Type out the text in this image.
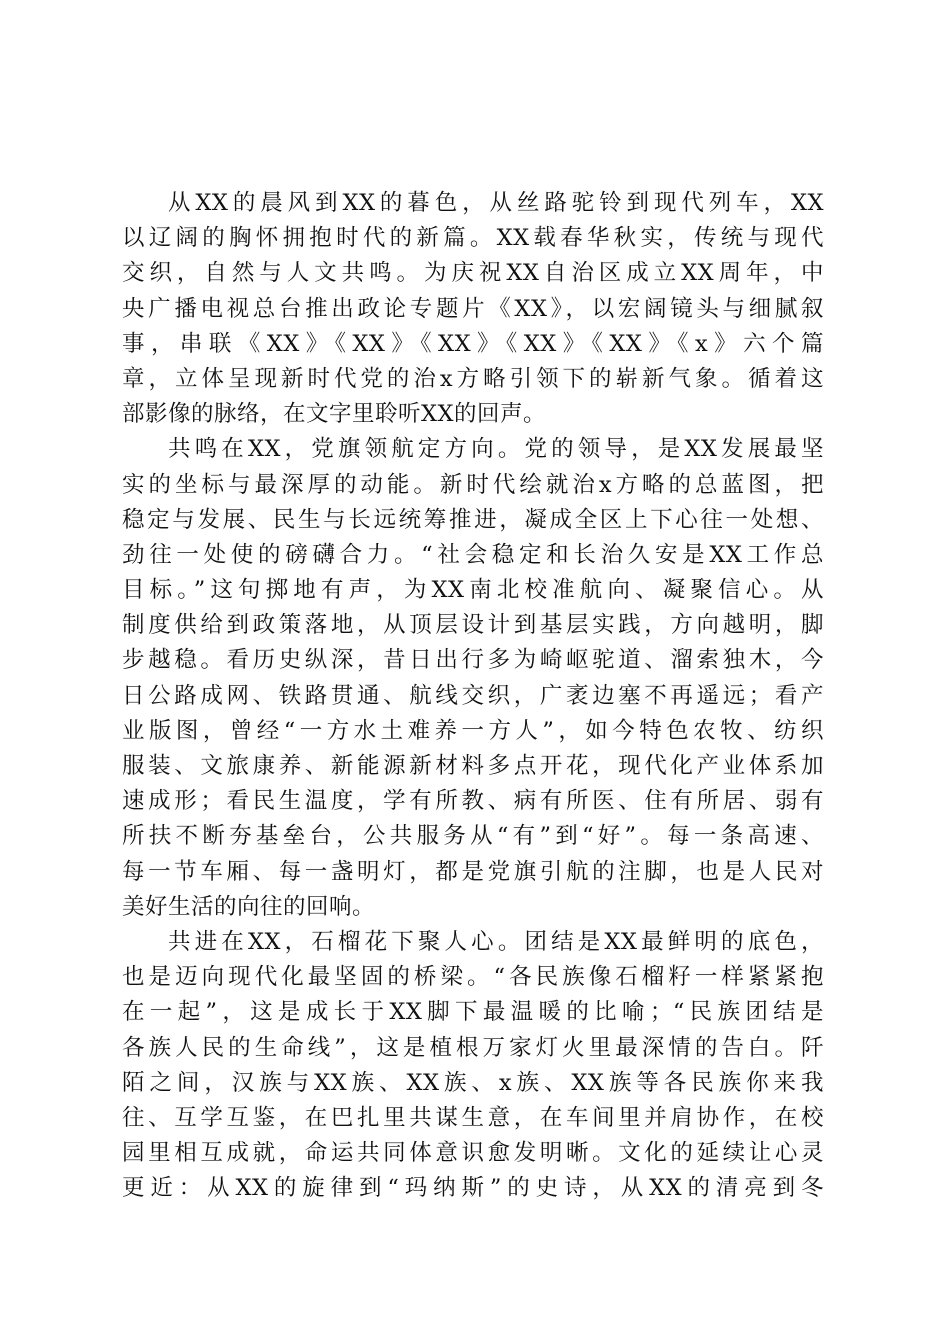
从XX的晨风到XX的暮色，从丝路驼铃到现代列车，XX
以辽阔的胸怀拥抱时代的新篇。XX载春华秋实，传统与现代
交织，自然与人文共鸣。为庆祝XX自治区成立XX周年，中
央广播电视总台推出政论专题片《XX》，以宏阔镜头与细腻叙
事，串联《XX》《XX》《XX》《XX》《XX》《x》六个篇
章，立体呈现新时代党的治x方略引领下的崭新气象。循着这
部影像的脉络，在文字里聆听XX的回声。
共鸣在XX，党旗领航定方向。党的领导，是XX发展最坚
实的坐标与最深厚的动能。新时代绘就治x方略的总蓝图，把
稳定与发展、民生与长远统筹推进，凝成全区上下心往一处想、
劲往一处使的磅礴合力。“社会稳定和长治久安是XX工作总
目标。”这句掷地有声，为XX南北校准航向、凝聚信心。从
制度供给到政策落地，从顶层设计到基层实践，方向越明，脚
步越稳。看历史纵深，昔日出行多为崎岖驼道、溜索独木，今
日公路成网、铁路贯通、航线交织，广袤边塞不再遥远；看产
业版图，曾经“一方水土难养一方人”，如今特色农牧、纺织
服装、文旅康养、新能源新材料多点开花，现代化产业体系加
速成形；看民生温度，学有所教、病有所医、住有所居、弱有
所扶不断夯基垒台，公共服务从“有”到“好”。每一条高速、
每一节车厢、每一盏明灯，都是党旗引航的注脚，也是人民对
美好生活的向往的回响。
共进在XX，石榴花下聚人心。团结是XX最鲜明的底色，
也是迈向现代化最坚固的桥梁。“各民族像石榴籽一样紧紧抱
在一起”，这是成长于XX脚下最温暖的比喻；“民族团结是
各族人民的生命线”，这是植根万家灯火里最深情的告白。阡
陌之间，汉族与XX族、XX族、x族、XX族等各民族你来我
往、互学互鉴，在巴扎里共谋生意，在车间里并肩协作，在校
园里相互成就，命运共同体意识愈发明晰。文化的延续让心灵
更近：从XX的旋律到“玛纳斯”的史诗，从XX的清亮到冬
